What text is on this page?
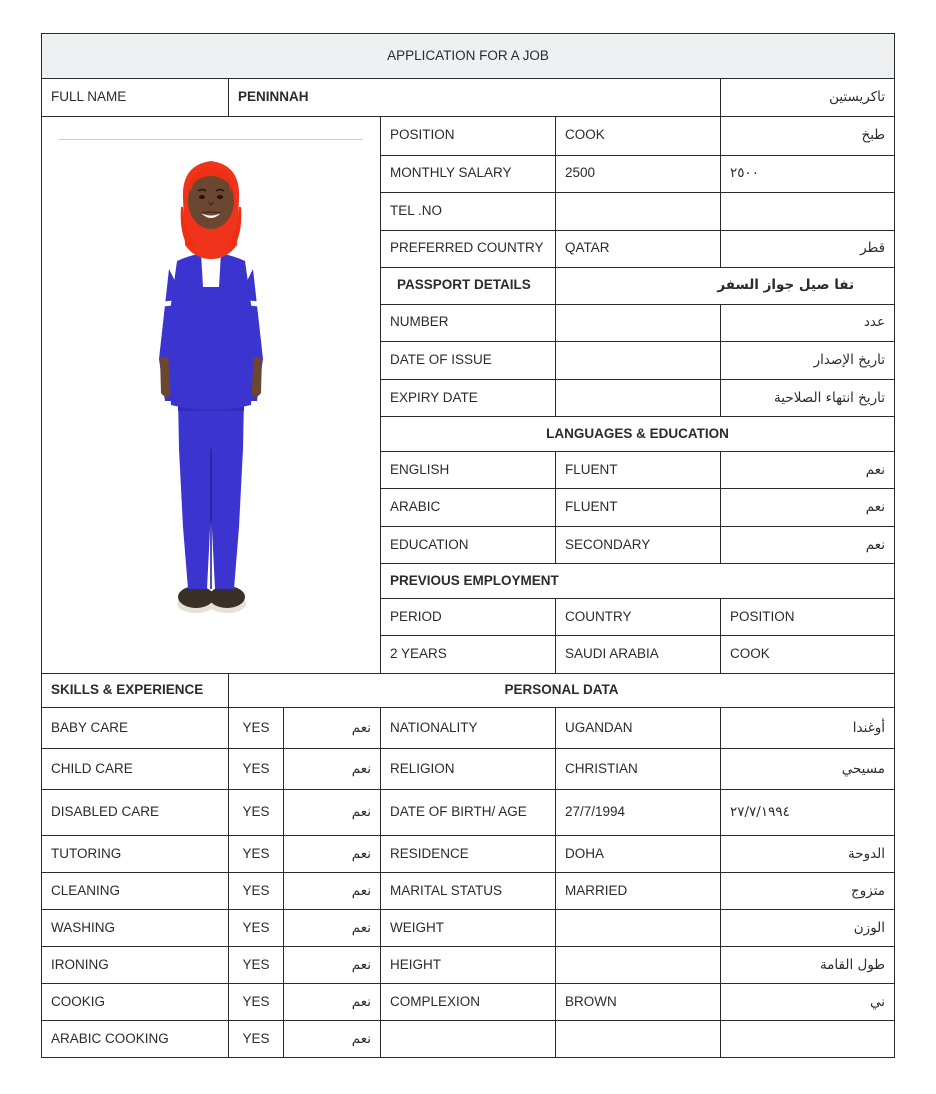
APPLICATION FOR A JOB					
FULL NAME	PENINNAH				تاكريستين

	POSITION	COOK	طبخ
			MONTHLY SALARY	2500	٢٥٠٠
			TEL .NO		
			PREFERRED COUNTRY	QATAR	قطر
			PASSPORT DETAILS	تفا صيل جواز السفر	
			NUMBER		عدد
			DATE OF ISSUE		تاريخ الإصدار
			EXPIRY DATE		تاريخ انتهاء الصلاحية
			LANGUAGES & EDUCATION		
			ENGLISH	FLUENT	نعم
			ARABIC	FLUENT	نعم
			EDUCATION	SECONDARY	نعم
			PREVIOUS EMPLOYMENT		
			PERIOD	COUNTRY	POSITION
			2 YEARS	SAUDI ARABIA	COOK
SKILLS & EXPERIENCE	PERSONAL DATA				
BABY CARE	YES	نعم	NATIONALITY	UGANDAN	أوغندا
CHILD CARE	YES	نعم	RELIGION	CHRISTIAN	مسيحي
DISABLED CARE	YES	نعم	DATE OF BIRTH/ AGE	27/7/1994	٢٧/٧/١٩٩٤
TUTORING	YES	نعم	RESIDENCE	DOHA	الدوحة
CLEANING	YES	نعم	MARITAL STATUS	MARRIED	متزوج
WASHING	YES	نعم	WEIGHT		الوزن
IRONING	YES	نعم	HEIGHT		طول القامة
COOKIG	YES	نعم	COMPLEXION	BROWN	ني
ARABIC COOKING	YES	نعم			
